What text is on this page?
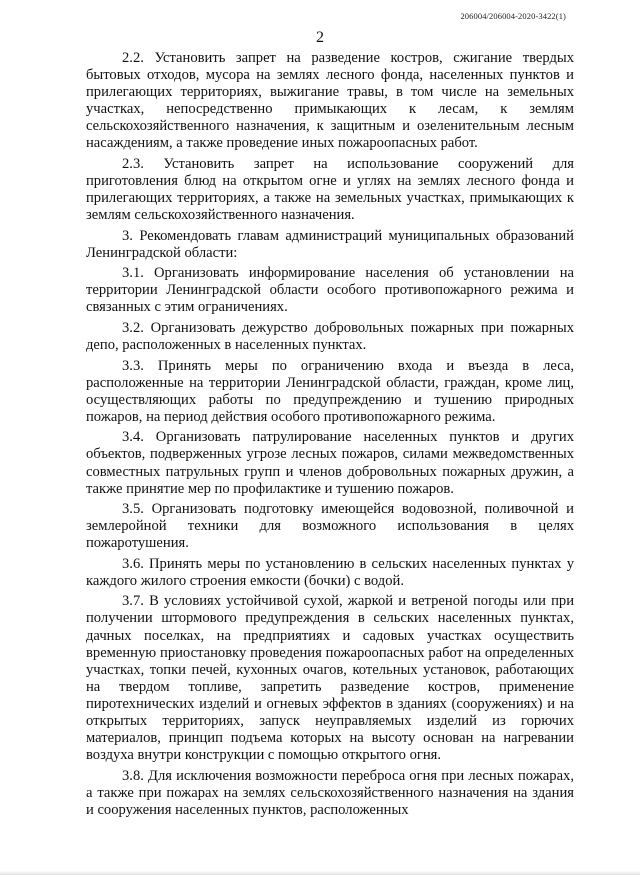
206004/206004-2020-3422(1)
2

2.2. Установить запрет на разведение костров, сжигание твердых бытовых отходов, мусора на землях лесного фонда, населенных пунктов и прилегающих территориях, выжигание травы, в том числе на земельных участках, непосредственно примыкающих к лесам, к землям сельскохозяйственного назначения, к защитным и озеленительным лесным насаждениям, а также проведение иных пожароопасных работ.

2.3. Установить запрет на использование сооружений для приготовления блюд на открытом огне и углях на землях лесного фонда и прилегающих территориях, а также на земельных участках, примыкающих к землям сельскохозяйственного назначения.

3. Рекомендовать главам администраций муниципальных образований Ленинградской области:

3.1. Организовать информирование населения об установлении на территории Ленинградской области особого противопожарного режима и связанных с этим ограничениях.

3.2. Организовать дежурство добровольных пожарных при пожарных депо, расположенных в населенных пунктах.

3.3. Принять меры по ограничению входа и въезда в леса, расположенные на территории Ленинградской области, граждан, кроме лиц, осуществляющих работы по предупреждению и тушению природных пожаров, на период действия особого противопожарного режима.

3.4. Организовать патрулирование населенных пунктов и других объектов, подверженных угрозе лесных пожаров, силами межведомственных совместных патрульных групп и членов добровольных пожарных дружин, а также принятие мер по профилактике и тушению пожаров.

3.5. Организовать подготовку имеющейся водовозной, поливочной и землеройной техники для возможного использования в целях пожаротушения.

3.6. Принять меры по установлению в сельских населенных пунктах у каждого жилого строения емкости (бочки) с водой.

3.7. В условиях устойчивой сухой, жаркой и ветреной погоды или при получении штормового предупреждения в сельских населенных пунктах, дачных поселках, на предприятиях и садовых участках осуществить временную приостановку проведения пожароопасных работ на определенных участках, топки печей, кухонных очагов, котельных установок, работающих на твердом топливе, запретить разведение костров, применение пиротехнических изделий и огневых эффектов в зданиях (сооружениях) и на открытых территориях, запуск неуправляемых изделий из горючих материалов, принцип подъема которых на высоту основан на нагревании воздуха внутри конструкции с помощью открытого огня.

3.8. Для исключения возможности переброса огня при лесных пожарах, а также при пожарах на землях сельскохозяйственного назначения на здания и сооружения населенных пунктов, расположенных
